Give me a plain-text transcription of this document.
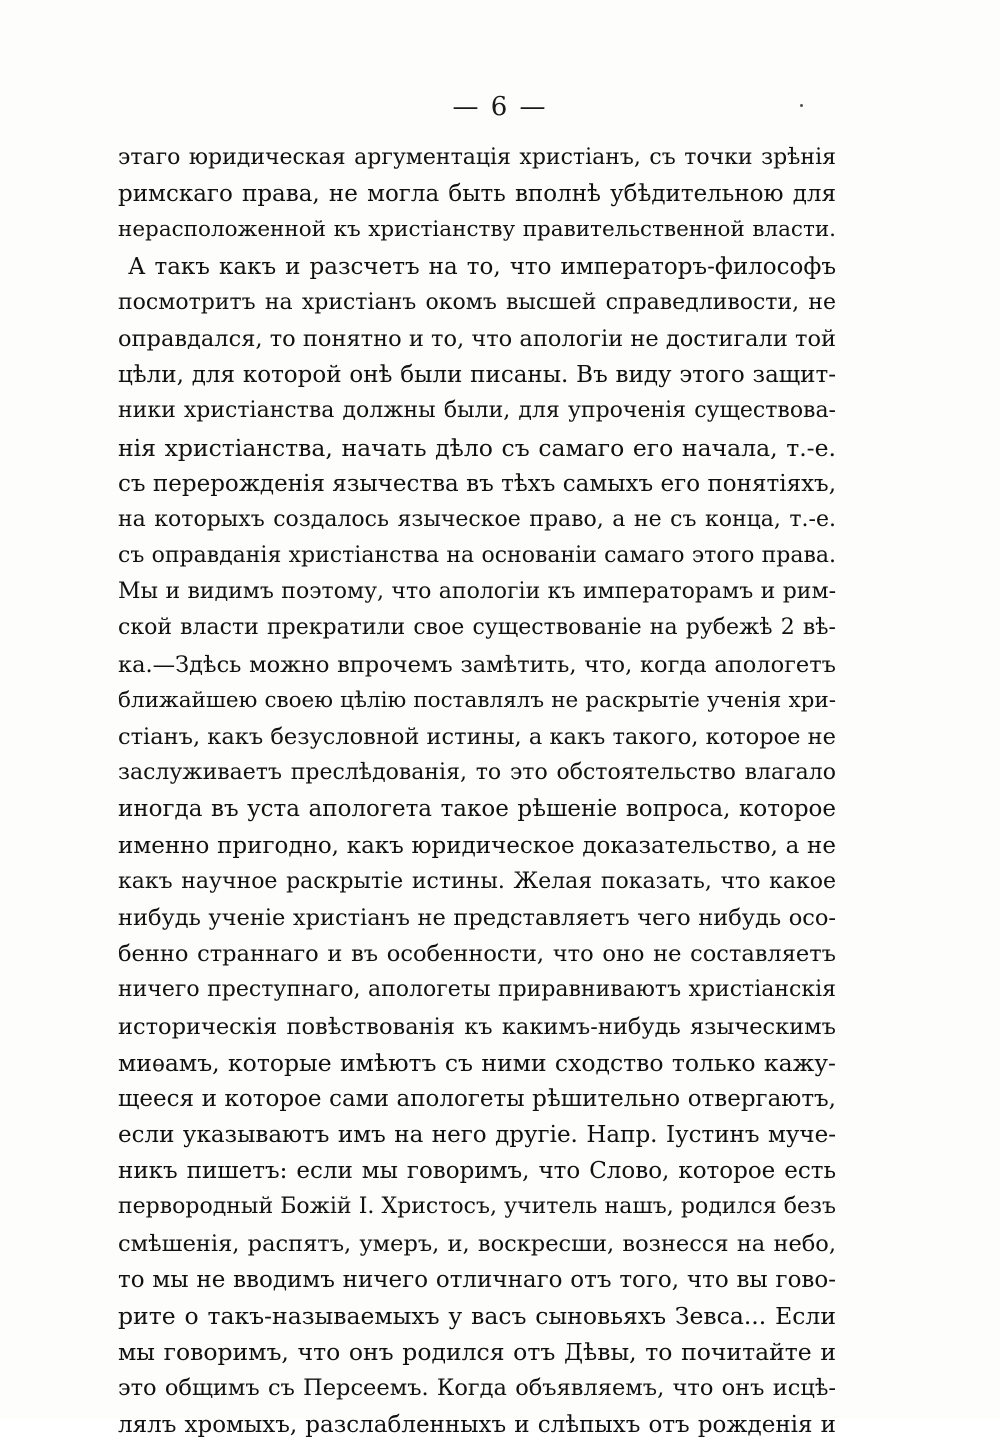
— 6 —
этаго юридическая аргументація христіанъ, съ точки зрѣнія
римскаго права, не могла быть вполнѣ убѣдительною для
нерасположенной къ христіанству правительственной власти.
А такъ какъ и разсчетъ на то, что императоръ-философъ
посмотритъ на христіанъ окомъ высшей справедливости, не
оправдался, то понятно и то, что апологіи не достигали той
цѣли, для которой онѣ были писаны. Въ виду этого защит-
ники христіанства должны были, для упроченія существова-
нія христіанства, начать дѣло съ самаго его начала, т.-е.
съ перерожденія язычества въ тѣхъ самыхъ его понятіяхъ,
на которыхъ создалось языческое право, а не съ конца, т.-е.
съ оправданія христіанства на основаніи самаго этого права.
Мы и видимъ поэтому, что апологіи къ императорамъ и рим-
ской власти прекратили свое существованіе на рубежѣ 2 вѣ-
ка.—Здѣсь можно впрочемъ замѣтить, что, когда апологетъ
ближайшею своею цѣлію поставлялъ не раскрытіе ученія хри-
стіанъ, какъ безусловной истины, а какъ такого, которое не
заслуживаетъ преслѣдованія, то это обстоятельство влагало
иногда въ уста апологета такое рѣшеніе вопроса, которое
именно пригодно, какъ юридическое доказательство, а не
какъ научное раскрытіе истины. Желая показать, что какое
нибудь ученіе христіанъ не представляетъ чего нибудь осо-
бенно страннаго и въ особенности, что оно не составляетъ
ничего преступнаго, апологеты приравниваютъ христіанскія
историческія повѣствованія къ какимъ-нибудь языческимъ
миѳамъ, которые имѣютъ съ ними сходство только кажу-
щееся и которое сами апологеты рѣшительно отвергаютъ,
если указываютъ имъ на него другіе. Напр. Іустинъ муче-
никъ пишетъ: если мы говоримъ, что Слово, которое есть
первородный Божій І. Христосъ, учитель нашъ, родился безъ
смѣшенія, распятъ, умеръ, и, воскресши, вознесся на небо,
то мы не вводимъ ничего отличнаго отъ того, что вы гово-
рите о такъ-называемыхъ у васъ сыновьяхъ Зевса... Если
мы говоримъ, что онъ родился отъ Дѣвы, то почитайте и
это общимъ съ Персеемъ. Когда объявляемъ, что онъ исцѣ-
лялъ хромыхъ, разслабленныхъ и слѣпыхъ отъ рожденія и
